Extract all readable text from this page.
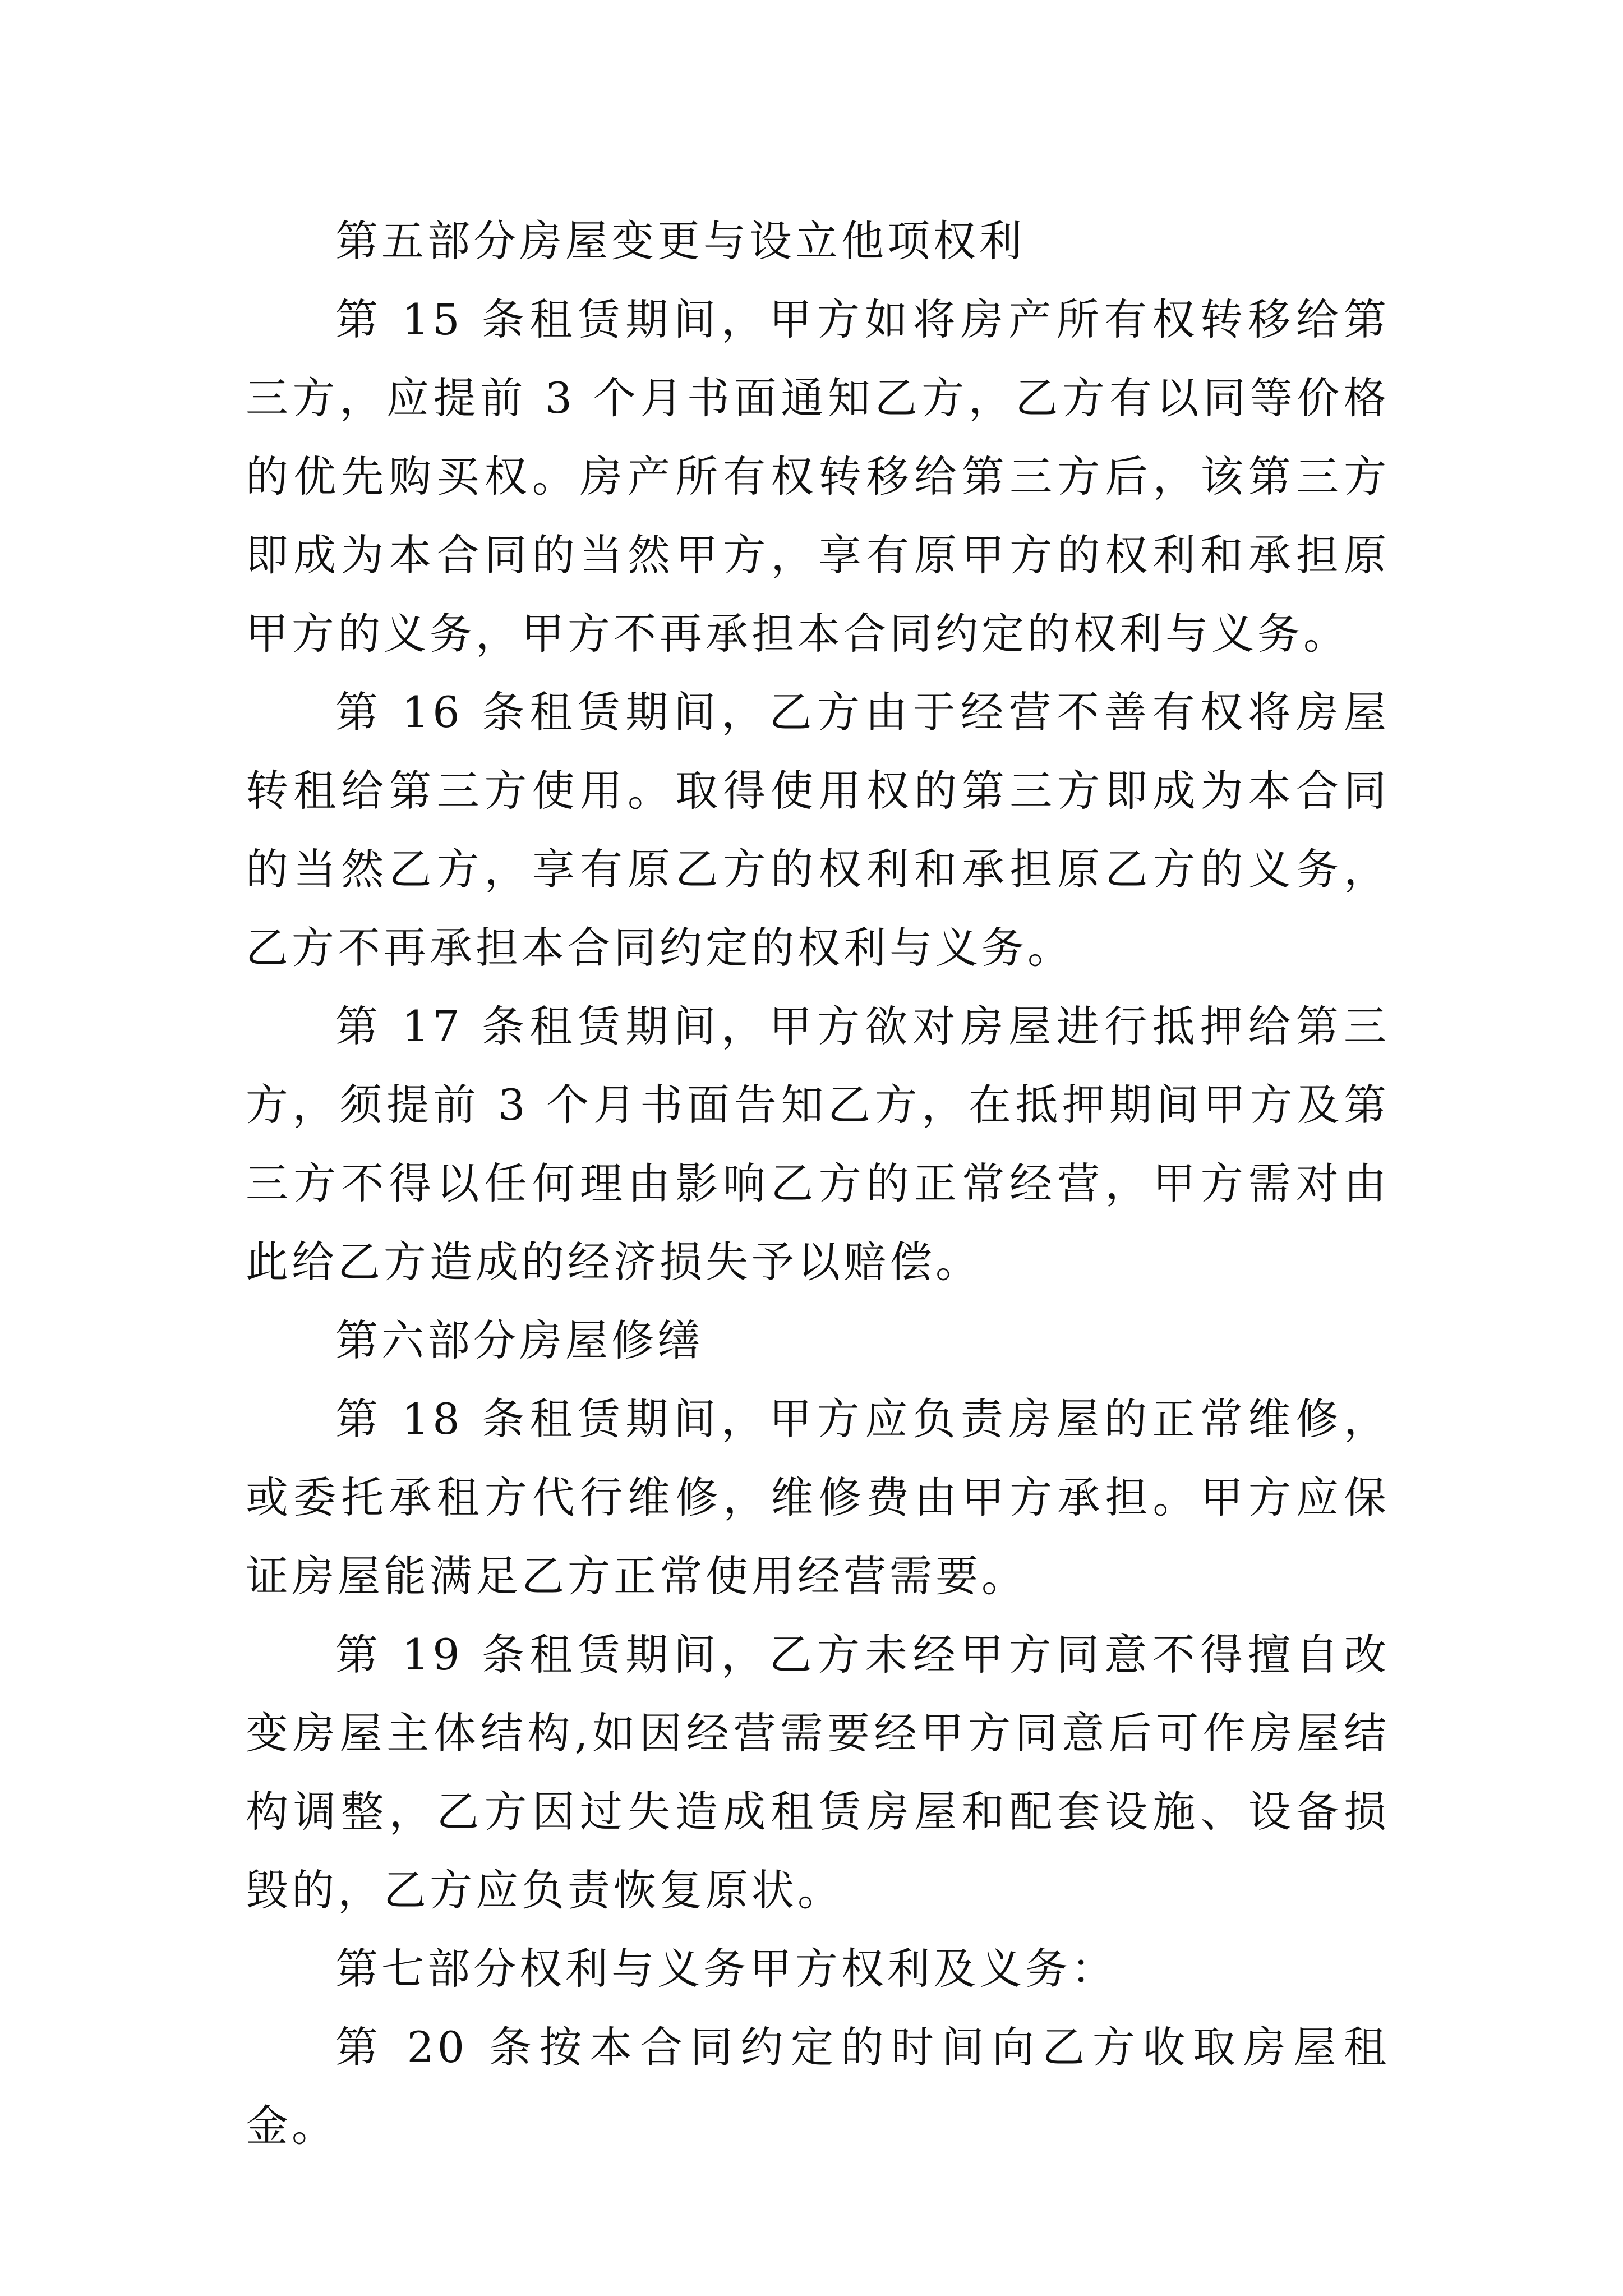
第五部分房屋变更与设立他项权利

第 15 条租赁期间，甲方如将房产所有权转移给第三方，应提前 3 个月书面通知乙方，乙方有以同等价格的优先购买权。房产所有权转移给第三方后，该第三方即成为本合同的当然甲方，享有原甲方的权利和承担原甲方的义务，甲方不再承担本合同约定的权利与义务。

第 16 条租赁期间，乙方由于经营不善有权将房屋转租给第三方使用。取得使用权的第三方即成为本合同的当然乙方，享有原乙方的权利和承担原乙方的义务，乙方不再承担本合同约定的权利与义务。

第 17 条租赁期间，甲方欲对房屋进行抵押给第三方，须提前 3 个月书面告知乙方，在抵押期间甲方及第三方不得以任何理由影响乙方的正常经营，甲方需对由此给乙方造成的经济损失予以赔偿。

第六部分房屋修缮

第 18 条租赁期间，甲方应负责房屋的正常维修，或委托承租方代行维修，维修费由甲方承担。甲方应保证房屋能满足乙方正常使用经营需要。

第 19 条租赁期间，乙方未经甲方同意不得擅自改变房屋主体结构,如因经营需要经甲方同意后可作房屋结构调整，乙方因过失造成租赁房屋和配套设施、设备损毁的，乙方应负责恢复原状。

第七部分权利与义务甲方权利及义务：

第 20 条按本合同约定的时间向乙方收取房屋租金。
